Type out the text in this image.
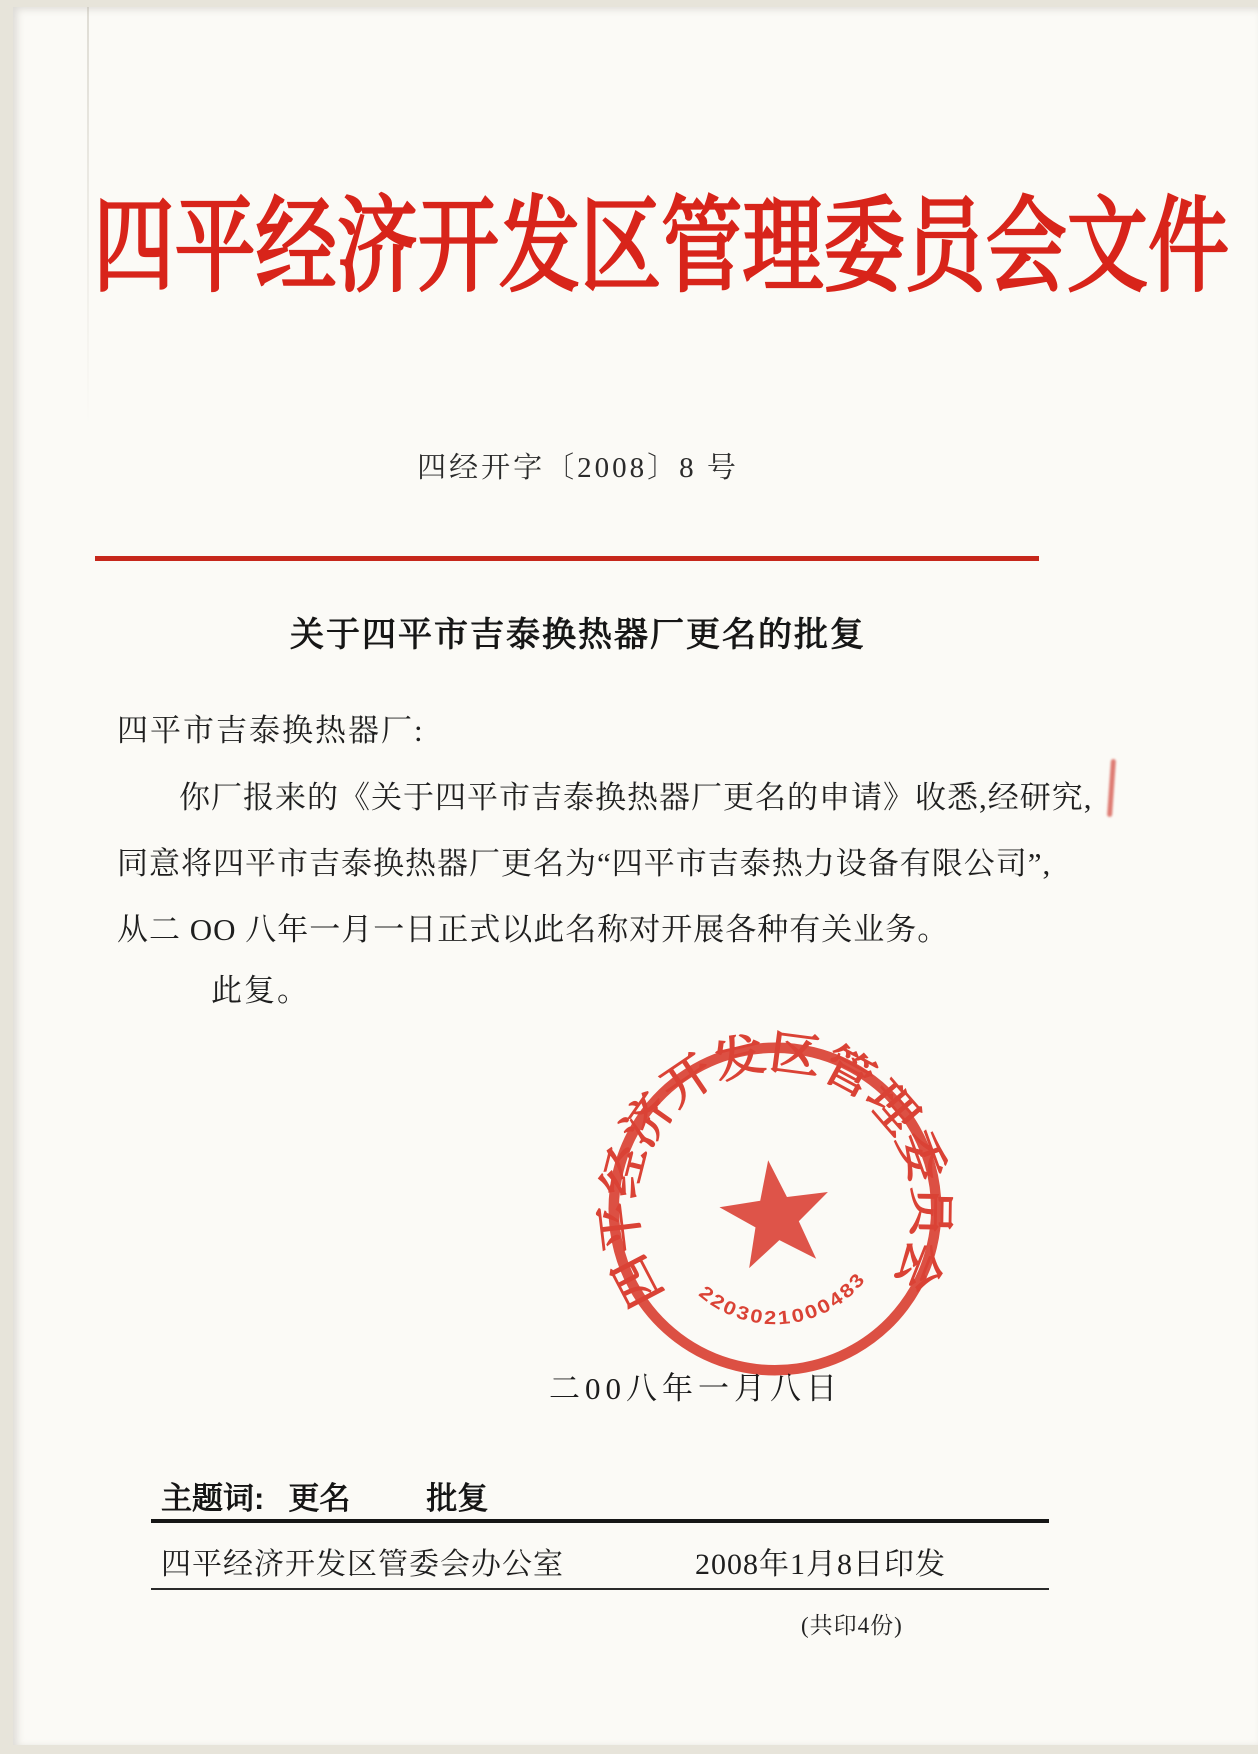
四平经济开发区管理委员会文件
四经开字〔2008〕8 号
关于四平市吉泰换热器厂更名的批复
四平市吉泰换热器厂:
你厂报来的《关于四平市吉泰换热器厂更名的申请》收悉,经研究,
同意将四平市吉泰换热器厂更名为“四平市吉泰热力设备有限公司”,
从二 OO 八年一月一日正式以此名称对开展各种有关业务。
此复。
二00八年一月八日
四平经济开发区管理委员会
2203021000483
主题词: 更名 批复
四平经济开发区管委会办公室	2008年1月8日印发
(共印4份)
